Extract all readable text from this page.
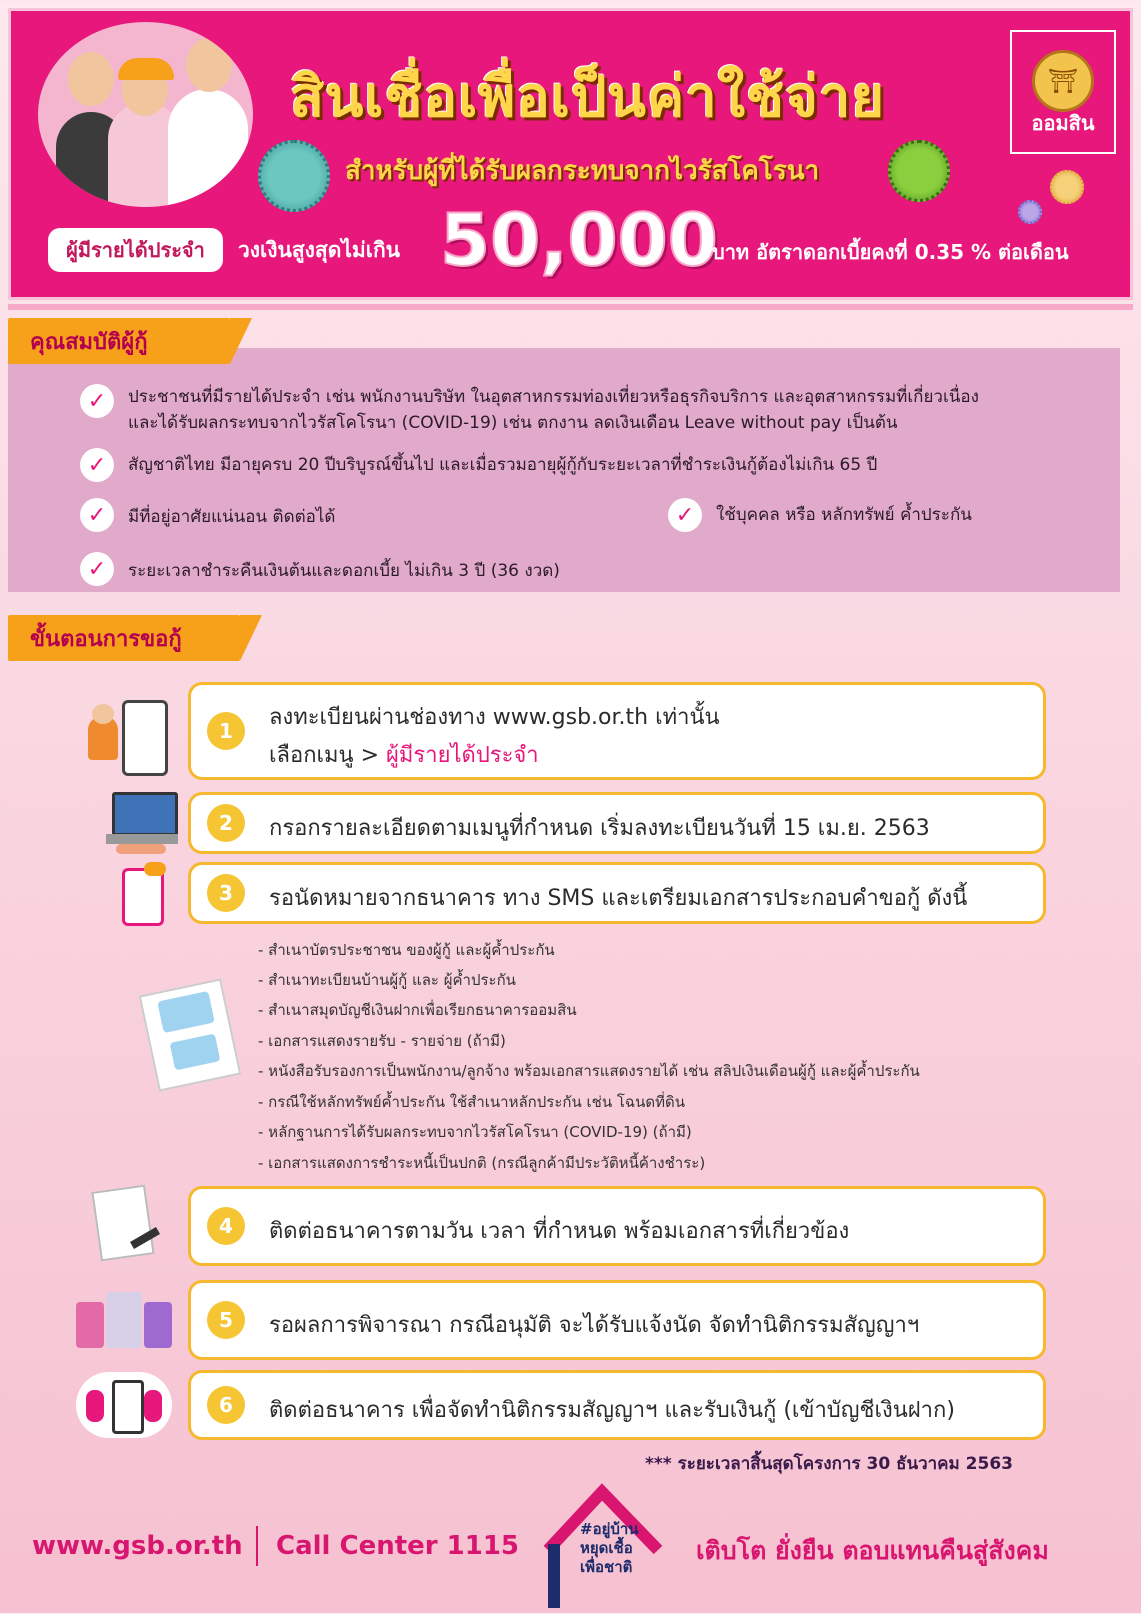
สินเชื่อเพื่อเป็นค่าใช้จ่าย
สำหรับผู้ที่ได้รับผลกระทบจากไวรัสโคโรนา
⛩
ออมสิน
ผู้มีรายได้ประจำ	วงเงินสูงสุดไม่เกิน 50,000
บาท อัตราดอกเบี้ยคงที่ 0.35 % ต่อเดือน
คุณสมบัติผู้กู้
✓	ประชาชนที่มีรายได้ประจำ เช่น พนักงานบริษัท ในอุตสาหกรรมท่องเที่ยวหรือธุรกิจบริการ และอุตสาหกรรมที่เกี่ยวเนื่อง
และได้รับผลกระทบจากไวรัสโคโรนา (COVID-19) เช่น ตกงาน ลดเงินเดือน Leave without pay เป็นต้น
✓	สัญชาติไทย มีอายุครบ 20 ปีบริบูรณ์ขึ้นไป และเมื่อรวมอายุผู้กู้กับระยะเวลาที่ชำระเงินกู้ต้องไม่เกิน 65 ปี
✓	มีที่อยู่อาศัยแน่นอน ติดต่อได้	✓	ใช้บุคคล หรือ หลักทรัพย์ ค้ำประกัน
✓	ระยะเวลาชำระคืนเงินต้นและดอกเบี้ย ไม่เกิน 3 ปี (36 งวด)
ขั้นตอนการขอกู้
1
ลงทะเบียนผ่านช่องทาง www.gsb.or.th เท่านั้น
เลือกเมนู > ผู้มีรายได้ประจำ
2	กรอกรายละเอียดตามเมนูที่กำหนด เริ่มลงทะเบียนวันที่ 15 เม.ย. 2563
3	รอนัดหมายจากธนาคาร ทาง SMS และเตรียมเอกสารประกอบคำขอกู้ ดังนี้
- สำเนาบัตรประชาชน ของผู้กู้ และผู้ค้ำประกัน
- สำเนาทะเบียนบ้านผู้กู้ และ ผู้ค้ำประกัน
- สำเนาสมุดบัญชีเงินฝากเพื่อเรียกธนาคารออมสิน
- เอกสารแสดงรายรับ - รายจ่าย (ถ้ามี)
- หนังสือรับรองการเป็นพนักงาน/ลูกจ้าง พร้อมเอกสารแสดงรายได้ เช่น สลิปเงินเดือนผู้กู้ และผู้ค้ำประกัน
- กรณีใช้หลักทรัพย์ค้ำประกัน ใช้สำเนาหลักประกัน เช่น โฉนดที่ดิน
- หลักฐานการได้รับผลกระทบจากไวรัสโคโรนา (COVID-19) (ถ้ามี)
- เอกสารแสดงการชำระหนี้เป็นปกติ (กรณีลูกค้ามีประวัติหนี้ค้างชำระ)
4	ติดต่อธนาคารตามวัน เวลา ที่กำหนด พร้อมเอกสารที่เกี่ยวข้อง
5	รอผลการพิจารณา กรณีอนุมัติ จะได้รับแจ้งนัด จัดทำนิติกรรมสัญญาฯ
6	ติดต่อธนาคาร เพื่อจัดทำนิติกรรมสัญญาฯ และรับเงินกู้ (เข้าบัญชีเงินฝาก)
*** ระยะเวลาสิ้นสุดโครงการ 30 ธันวาคม 2563
#อยู่บ้าน
หยุดเชื้อ
เพื่อชาติ
www.gsb.or.th Call Center 1115	เติบโต ยั่งยืน ตอบแทนคืนสู่สังคม
